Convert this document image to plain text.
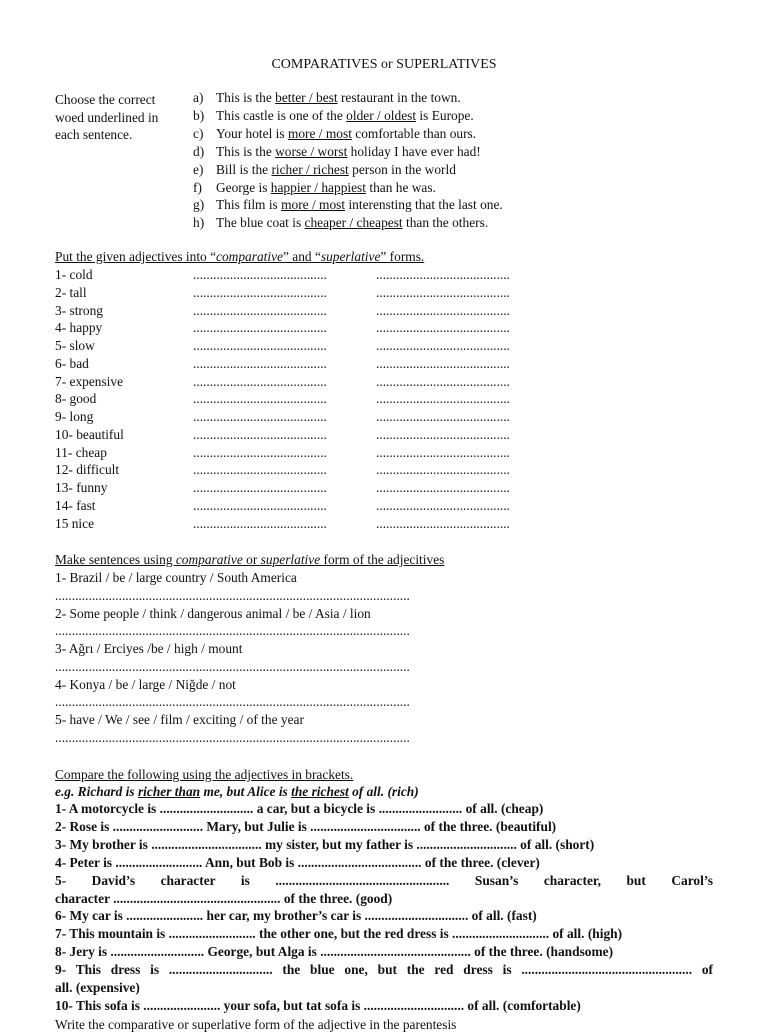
COMPARATIVES or SUPERLATIVES
Choose the correct woed underlined in each sentence.
a) This is the better / best restaurant in the town.
b) This castle is one of the older / oldest is Europe.
c) Your hotel is more / most comfortable than ours.
d) This is the worse / worst holiday I have ever had!
e) Bill is the richer / richest person in the world
f) George is happier / happiest than he was.
g) This film is more / most interensting that the last one.
h) The blue coat is cheaper / cheapest than the others.
Put the given adjectives into “comparative” and “superlative” forms.
1- cold	........................................	........................................
2- tall	........................................	........................................
3- strong	........................................	........................................
4- happy	........................................	........................................
5- slow	........................................	........................................
6- bad	........................................	........................................
7- expensive	........................................	........................................
8- good	........................................	........................................
9- long	........................................	........................................
10- beautiful	........................................	........................................
11- cheap	........................................	........................................
12- difficult	........................................	........................................
13- funny	........................................	........................................
14- fast	........................................	........................................
15 nice	........................................	........................................
Make sentences using comparative or superlative form of the adjecitives
1- Brazil / be / large country / South America
..........................................................................................................
2- Some people / think / dangerous animal / be / Asia / lion
..........................................................................................................
3- Ağrı / Erciyes /be / high / mount
..........................................................................................................
4- Konya / be / large / Niğde / not
..........................................................................................................
5- have / We / see / film / exciting / of the year
..........................................................................................................
Compare the following using the adjectives in brackets.
e.g. Richard is richer than me, but Alice is the richest of all. (rich)
1- A motorcycle is ............................ a car, but a bicycle is ......................... of all. (cheap)
2- Rose is ........................... Mary, but Julie is ................................. of the three. (beautiful)
3- My brother is ................................. my sister, but my father is .............................. of all. (short)
4- Peter is .......................... Ann, but Bob is ..................................... of the three. (clever)
5- David’s character is .................................................... Susan’s character, but Carol’s
character .................................................. of the three. (good)
6- My car is ....................... her car, my brother’s car is ............................... of all. (fast)
7- This mountain is .......................... the other one, but the red dress is ............................. of all. (high)
8- Jery is ............................ George, but Alga is ............................................. of the three. (handsome)
9- This dress is ............................... the blue one, but the red dress is ................................................... of
all. (expensive)
10- This sofa is ....................... your sofa, but tat sofa is .............................. of all. (comfortable)
Write the comparative or superlative form of the adjective in the parentesis
